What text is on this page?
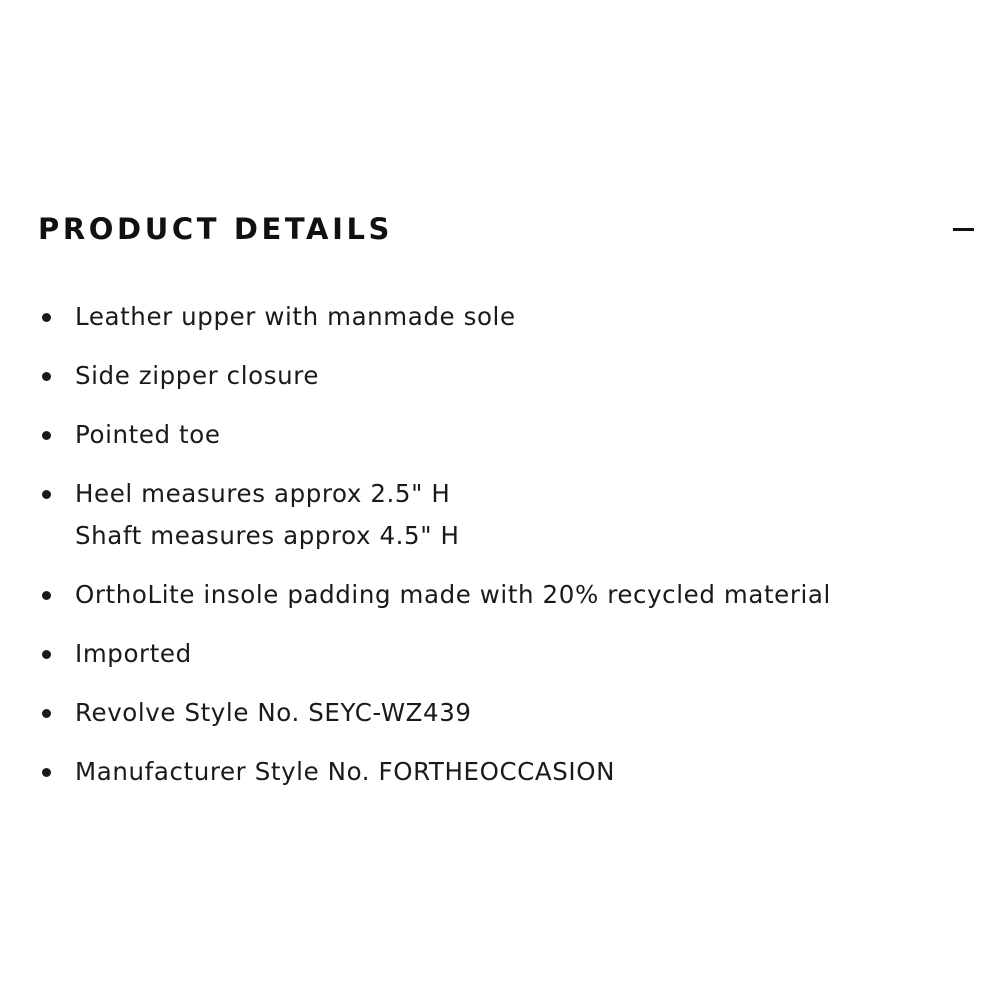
PRODUCT DETAILS
Leather upper with manmade sole
Side zipper closure
Pointed toe
Heel measures approx 2.5" H
Shaft measures approx 4.5" H
OrthoLite insole padding made with 20% recycled material
Imported
Revolve Style No. SEYC-WZ439
Manufacturer Style No. FORTHEOCCASION
